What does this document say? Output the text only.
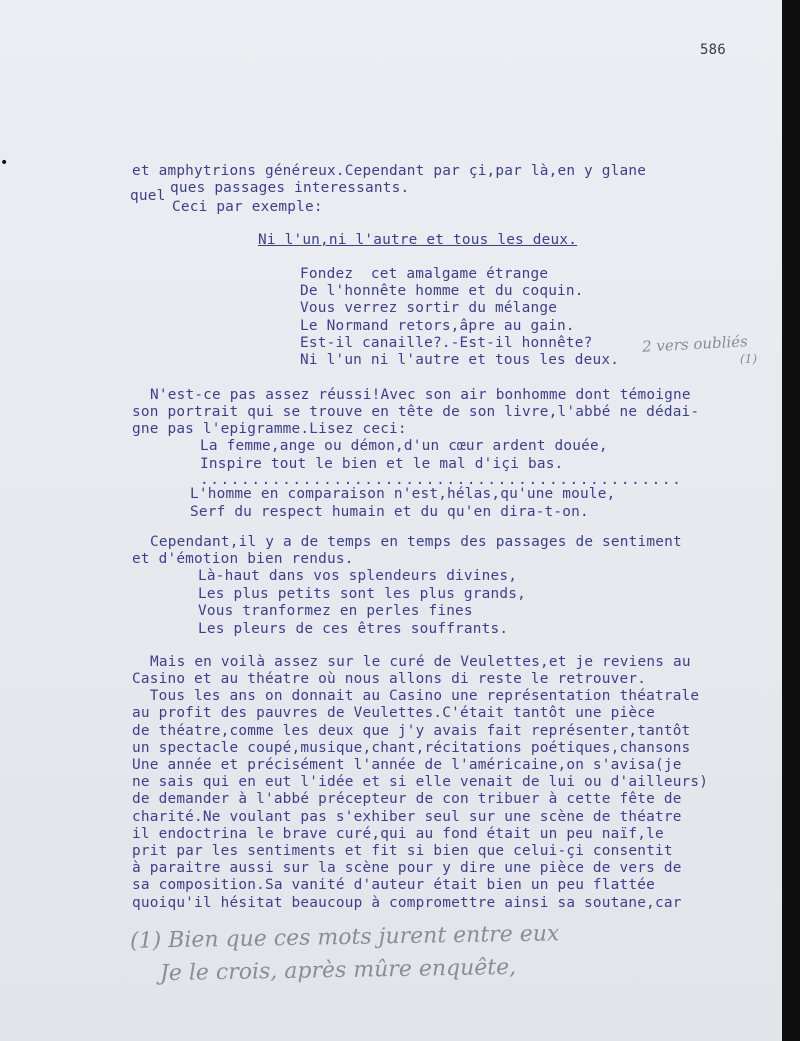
586
•	et amphytrions généreux.Cependant par çi,par là,en y glane
quel ques passages interessants.
Ceci par exemple:
Ni l'un,ni l'autre et tous les deux.
Fondez  cet amalgame étrange
De l'honnête homme et du coquin.
Vous verrez sortir du mélange
Le Normand retors,âpre au gain.
Est-il canaille?.-Est-il honnête?
Ni l'un ni l'autre et tous les deux.
2 vers oubliés
(1)
N'est-ce pas assez réussi!Avec son air bonhomme dont témoigne
son portrait qui se trouve en tête de son livre,l'abbé ne dédai-
gne pas l'epigramme.Lisez ceci:
La femme,ange ou démon,d'un cœur ardent douée,
Inspire tout le bien et le mal d'içi bas.
...............................................
L'homme en comparaison n'est,hélas,qu'une moule,
Serf du respect humain et du qu'en dira-t-on.
Cependant,il y a de temps en temps des passages de sentiment
et d'émotion bien rendus.
Là-haut dans vos splendeurs divines,
Les plus petits sont les plus grands,
Vous tranformez en perles fines
Les pleurs de ces êtres souffrants.
Mais en voilà assez sur le curé de Veulettes,et je reviens au
Casino et au théatre où nous allons di reste le retrouver.
Tous les ans on donnait au Casino une représentation théatrale
au profit des pauvres de Veulettes.C'était tantôt une pièce
de théatre,comme les deux que j'y avais fait représenter,tantôt
un spectacle coupé,musique,chant,récitations poétiques,chansons
Une année et précisément l'année de l'américaine,on s'avisa(je
ne sais qui en eut l'idée et si elle venait de lui ou d'ailleurs)
de demander à l'abbé précepteur de con tribuer à cette fête de
charité.Ne voulant pas s'exhiber seul sur une scène de théatre
il endoctrina le brave curé,qui au fond était un peu naïf,le
prit par les sentiments et fit si bien que celui-çi consentit
à paraitre aussi sur la scène pour y dire une pièce de vers de
sa composition.Sa vanité d'auteur était bien un peu flattée
quoiqu'il hésitat beaucoup à compromettre ainsi sa soutane,car
(1) Bien que ces mots jurent entre eux
Je le crois, après mûre enquête,
